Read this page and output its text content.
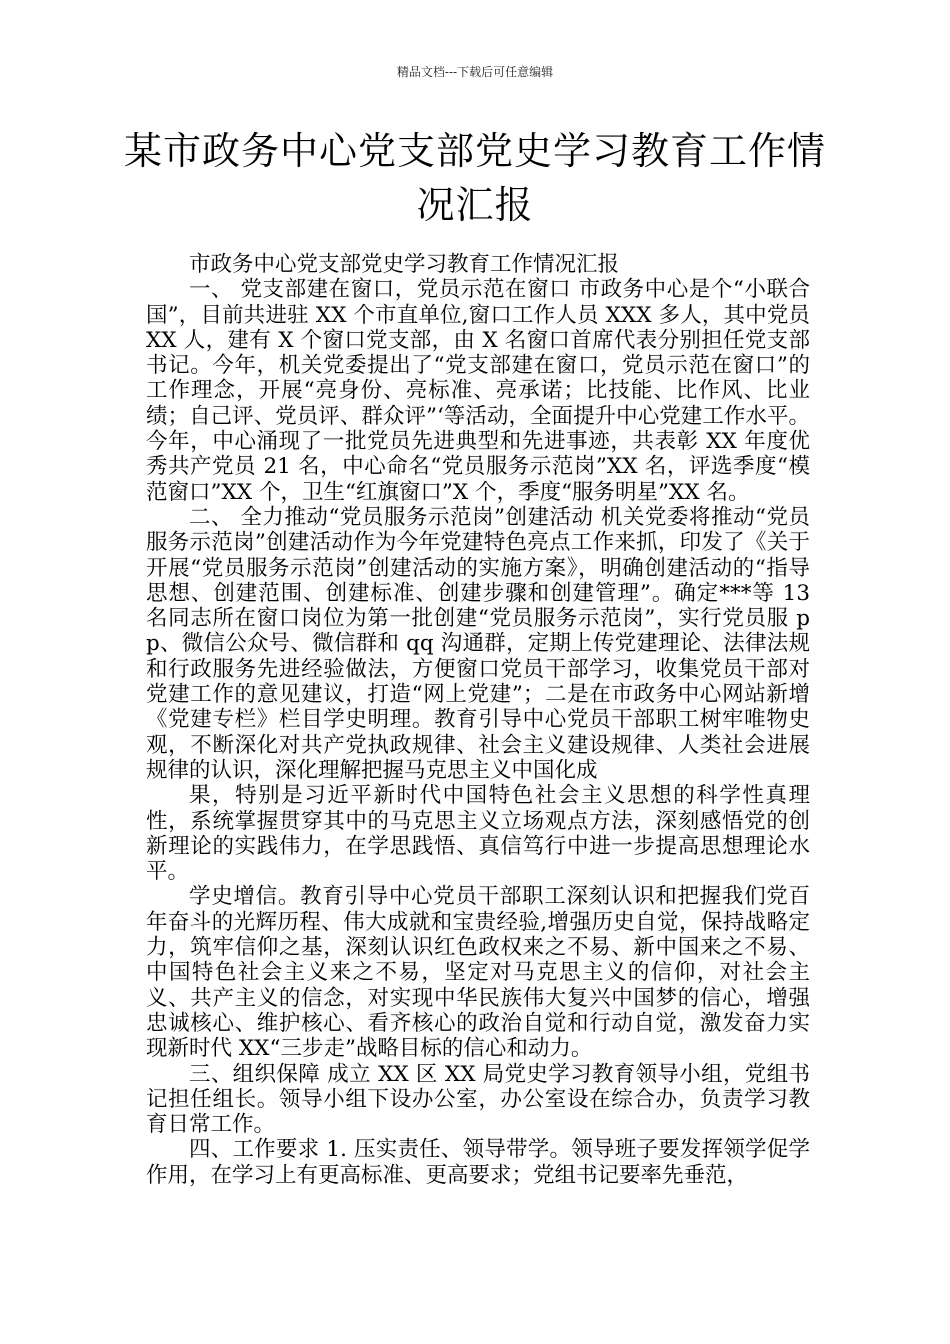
精品文档---下载后可任意编辑
某市政务中心党支部党史学习教育工作情况汇报

市政务中心党支部党史学习教育工作情况汇报

一、 党支部建在窗口，党员示范在窗口 市政务中心是个“小联合国”，目前共进驻 XX 个市直单位,窗口工作人员 XXX 多人，其中党员 XX 人，建有 X 个窗口党支部，由 X 名窗口首席代表分别担任党支部书记。今年，机关党委提出了“党支部建在窗口，党员示范在窗口”的工作理念，开展“亮身份、亮标准、亮承诺；比技能、比作风、比业绩；自己评、党员评、群众评”‘等活动，全面提升中心党建工作水平。今年，中心涌现了一批党员先进典型和先进事迹，共表彰 XX 年度优秀共产党员 21 名，中心命名“党员服务示范岗”XX 名，评选季度“模范窗口”XX 个，卫生“红旗窗口”X 个，季度“服务明星”XX 名。

二、 全力推动“党员服务示范岗”创建活动 机关党委将推动“党员服务示范岗”创建活动作为今年党建特色亮点工作来抓，印发了《关于开展“党员服务示范岗”创建活动的实施方案》，明确创建活动的“指导思想、创建范围、创建标准、创建步骤和创建管理”。确定***等 13 名同志所在窗口岗位为第一批创建“党员服务示范岗”，实行党员服 pp、微信公众号、微信群和 qq 沟通群，定期上传党建理论、法律法规和行政服务先进经验做法，方便窗口党员干部学习，收集党员干部对党建工作的意见建议，打造“网上党建”；二是在市政务中心网站新增《党建专栏》栏目学史明理。教育引导中心党员干部职工树牢唯物史观，不断深化对共产党执政规律、社会主义建设规律、人类社会进展规律的认识，深化理解把握马克思主义中国化成

果，特别是习近平新时代中国特色社会主义思想的科学性真理性，系统掌握贯穿其中的马克思主义立场观点方法，深刻感悟党的创新理论的实践伟力，在学思践悟、真信笃行中进一步提高思想理论水平。

学史增信。教育引导中心党员干部职工深刻认识和把握我们党百年奋斗的光辉历程、伟大成就和宝贵经验,增强历史自觉，保持战略定力，筑牢信仰之基，深刻认识红色政权来之不易、新中国来之不易、中国特色社会主义来之不易，坚定对马克思主义的信仰，对社会主义、共产主义的信念，对实现中华民族伟大复兴中国梦的信心，增强忠诚核心、维护核心、看齐核心的政治自觉和行动自觉，激发奋力实现新时代 XX“三步走”战略目标的信心和动力。

三、组织保障 成立 XX 区 XX 局党史学习教育领导小组，党组书记担任组长。领导小组下设办公室，办公室设在综合办，负责学习教育日常工作。

四、工作要求 1. 压实责任、领导带学。领导班子要发挥领学促学作用，在学习上有更高标准、更高要求；党组书记要率先垂范，
